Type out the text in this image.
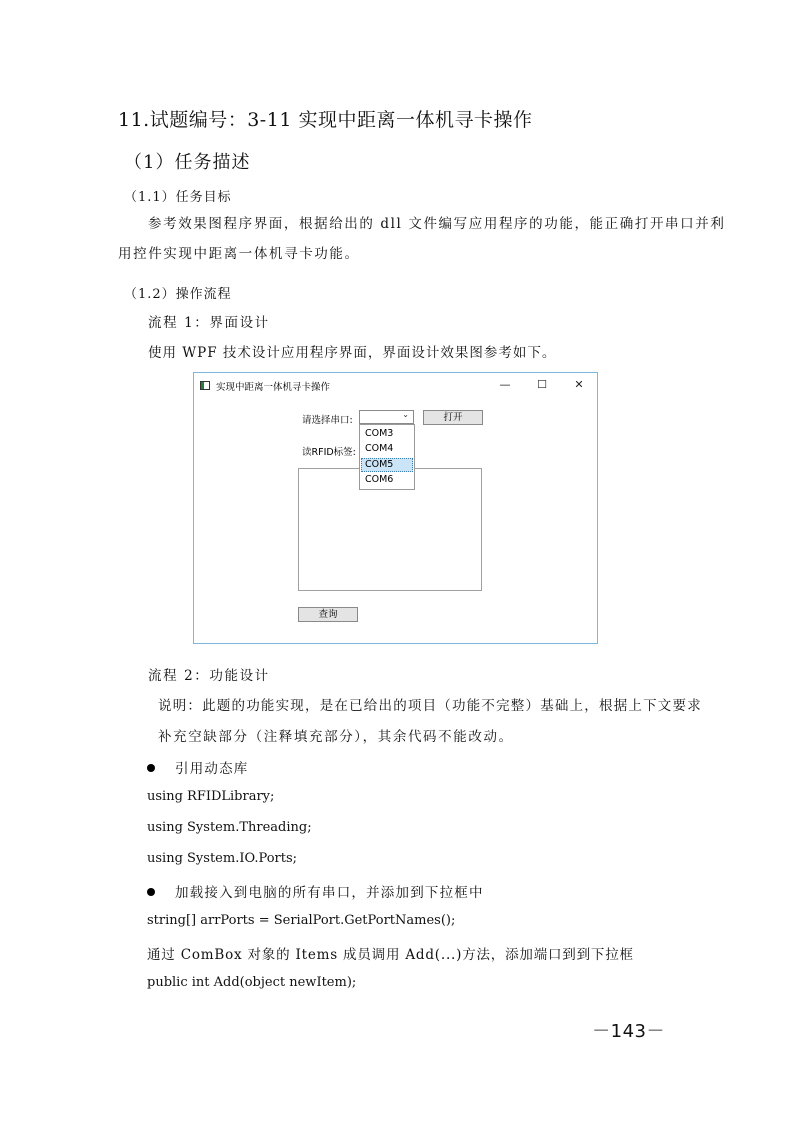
11.试题编号：3-11 实现中距离一体机寻卡操作
（1）任务描述
（1.1）任务目标
参考效果图程序界面，根据给出的 dll 文件编写应用程序的功能，能正确打开串口并利
用控件实现中距离一体机寻卡功能。
（1.2）操作流程
流程 1：界面设计
使用 WPF 技术设计应用程序界面，界面设计效果图参考如下。
实现中距离一体机寻卡操作	—	☐	✕
请选择串口:
⌄	打开
读RFID标签:
COM3
COM4
COM5
COM6
查询
流程 2：功能设计
说明：此题的功能实现，是在已给出的项目（功能不完整）基础上，根据上下文要求
补充空缺部分（注释填充部分），其余代码不能改动。
引用动态库
using RFIDLibrary;
using System.Threading;
using System.IO.Ports;
加载接入到电脑的所有串口，并添加到下拉框中
string[] arrPorts = SerialPort.GetPortNames();
通过 ComBox 对象的 Items 成员调用 Add(...)方法，添加端口到到下拉框
public int Add(object newItem);
－143－
